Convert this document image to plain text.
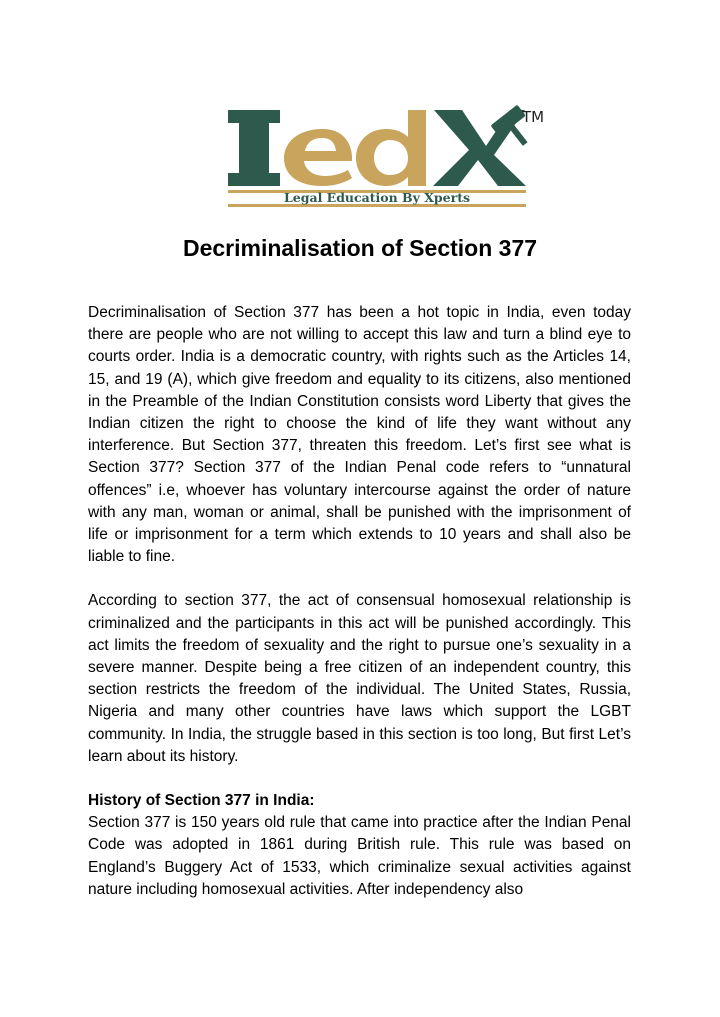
Legal Education By Xperts
TM
Decriminalisation of Section 377

Decriminalisation of Section 377 has been a hot topic in India, even today there are people who are not willing to accept this law and turn a blind eye to courts order. India is a democratic country, with rights such as the Articles 14, 15, and 19 (A), which give freedom and equality to its citizens, also mentioned in the Preamble of the Indian Constitution consists word Liberty that gives the Indian citizen the right to choose the kind of life they want without any interference. But Section 377, threaten this freedom. Let’s first see what is Section 377? Section 377 of the Indian Penal code refers to “unnatural offences” i.e, whoever has voluntary intercourse against the order of nature with any man, woman or animal, shall be punished with the imprisonment of life or imprisonment for a term which extends to 10 years and shall also be liable to fine.

According to section 377, the act of consensual homosexual relationship is criminalized and the participants in this act will be punished accordingly. This act limits the freedom of sexuality and the right to pursue one’s sexuality in a severe manner. Despite being a free citizen of an independent country, this section restricts the freedom of the individual. The United States, Russia, Nigeria and many other countries have laws which support the LGBT community. In India, the struggle based in this section is too long, But first Let’s learn about its history.

History of Section 377 in India:

Section 377 is 150 years old rule that came into practice after the Indian Penal Code was adopted in 1861 during British rule. This rule was based on England’s Buggery Act of 1533, which criminalize sexual activities against nature including homosexual activities. After independency also
